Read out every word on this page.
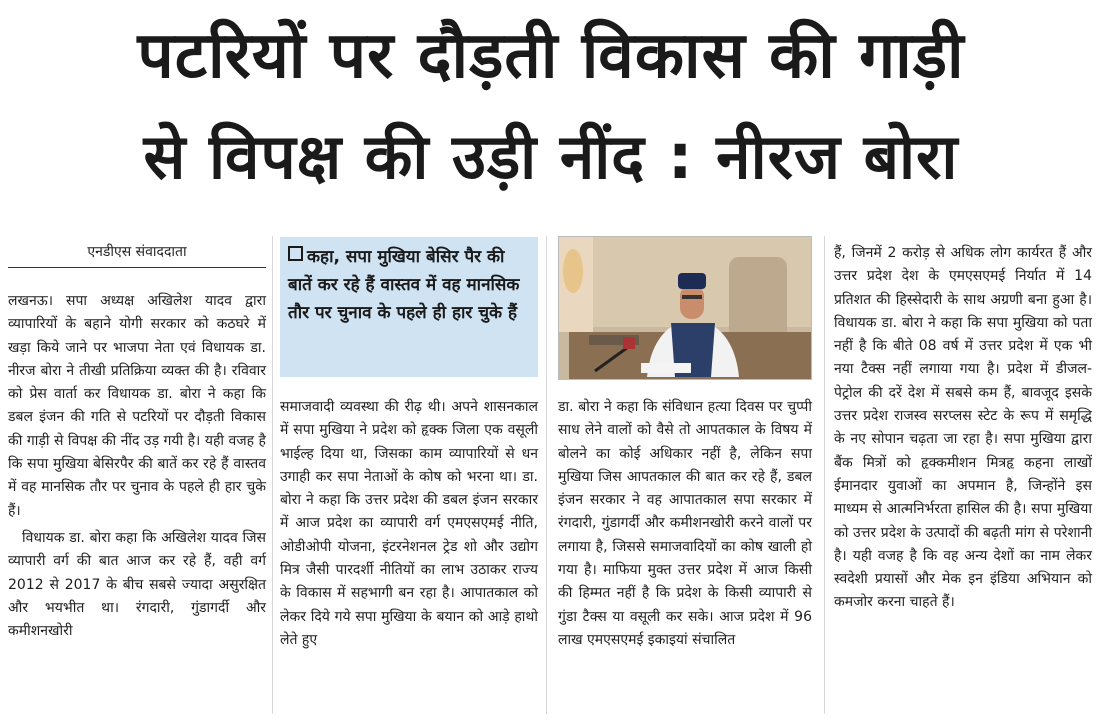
पटरियों पर दौड़ती विकास की गाड़ी
से विपक्ष की उड़ी नींद : नीरज बोरा
एनडीएस संवाददाता

लखनऊ। सपा अध्यक्ष अखिलेश यादव द्वारा व्यापारियों के बहाने योगी सरकार को कठघरे में खड़ा किये जाने पर भाजपा नेता एवं विधायक डा. नीरज बोरा ने तीखी प्रतिक्रिया व्यक्त की है। रविवार को प्रेस वार्ता कर विधायक डा. बोरा ने कहा कि डबल इंजन की गति से पटरियों पर दौड़ती विकास की गाड़ी से विपक्ष की नींद उड़ गयी है। यही वजह है कि सपा मुखिया बेसिरपैर की बातें कर रहे हैं वास्तव में वह मानसिक तौर पर चुनाव के पहले ही हार चुके हैं।

विधायक डा. बोरा कहा कि अखिलेश यादव जिस व्यापारी वर्ग की बात आज कर रहे हैं, वही वर्ग 2012 से 2017 के बीच सबसे ज्यादा असुरक्षित और भयभीत था। रंगदारी, गुंडागर्दी और कमीशनखोरी

कहा, सपा मुखिया बेसिर पैर की बातें कर रहे हैं वास्तव में वह मानसिक तौर पर चुनाव के पहले ही हार चुके हैं

समाजवादी व्यवस्था की रीढ़ थी। अपने शासनकाल में सपा मुखिया ने प्रदेश को हृक्क जिला एक वसूली भाईल्ह दिया था, जिसका काम व्यापारियों से धन उगाही कर सपा नेताओं के कोष को भरना था। डा. बोरा ने कहा कि उत्तर प्रदेश की डबल इंजन सरकार में आज प्रदेश का व्यापारी वर्ग एमएसएमई नीति, ओडीओपी योजना, इंटरनेशनल ट्रेड शो और उद्योग मित्र जैसी पारदर्शी नीतियों का लाभ उठाकर राज्य के विकास में सहभागी बन रहा है। आपातकाल को लेकर दिये गये सपा मुखिया के बयान को आड़े हाथो लेते हुए

डा. बोरा ने कहा कि संविधान हत्या दिवस पर चुप्पी साध लेने वालों को वैसे तो आपतकाल के विषय में बोलने का कोई अधिकार नहीं है, लेकिन सपा मुखिया जिस आपतकाल की बात कर रहे हैं, डबल इंजन सरकार ने वह आपातकाल सपा सरकार में रंगदारी, गुंडागर्दी और कमीशनखोरी करने वालों पर लगाया है, जिससे समाजवादियों का कोष खाली हो गया है। माफिया मुक्त उत्तर प्रदेश में आज किसी की हिम्मत नहीं है कि प्रदेश के किसी व्यापारी से गुंडा टैक्स या वसूली कर सके। आज प्रदेश में 96 लाख एमएसएमई इकाइयां संचालित

हैं, जिनमें 2 करोड़ से अधिक लोग कार्यरत हैं और उत्तर प्रदेश देश के एमएसएमई निर्यात में 14 प्रतिशत की हिस्सेदारी के साथ अग्रणी बना हुआ है। विधायक डा. बोरा ने कहा कि सपा मुखिया को पता नहीं है कि बीते 08 वर्ष में उत्तर प्रदेश में एक भी नया टैक्स नहीं लगाया गया है। प्रदेश में डीजल-पेट्रोल की दरें देश में सबसे कम हैं, बावजूद इसके उत्तर प्रदेश राजस्व सरप्लस स्टेट के रूप में समृद्धि के नए सोपान चढ़ता जा रहा है। सपा मुखिया द्वारा बैंक मित्रों को हृक्कमीशन मित्रहृ कहना लाखों ईमानदार युवाओं का अपमान है, जिन्होंने इस माध्यम से आत्मनिर्भरता हासिल की है। सपा मुखिया को उत्तर प्रदेश के उत्पादों की बढ़ती मांग से परेशानी है। यही वजह है कि वह अन्य देशों का नाम लेकर स्वदेशी प्रयासों और मेक इन इंडिया अभियान को कमजोर करना चाहते हैं।
